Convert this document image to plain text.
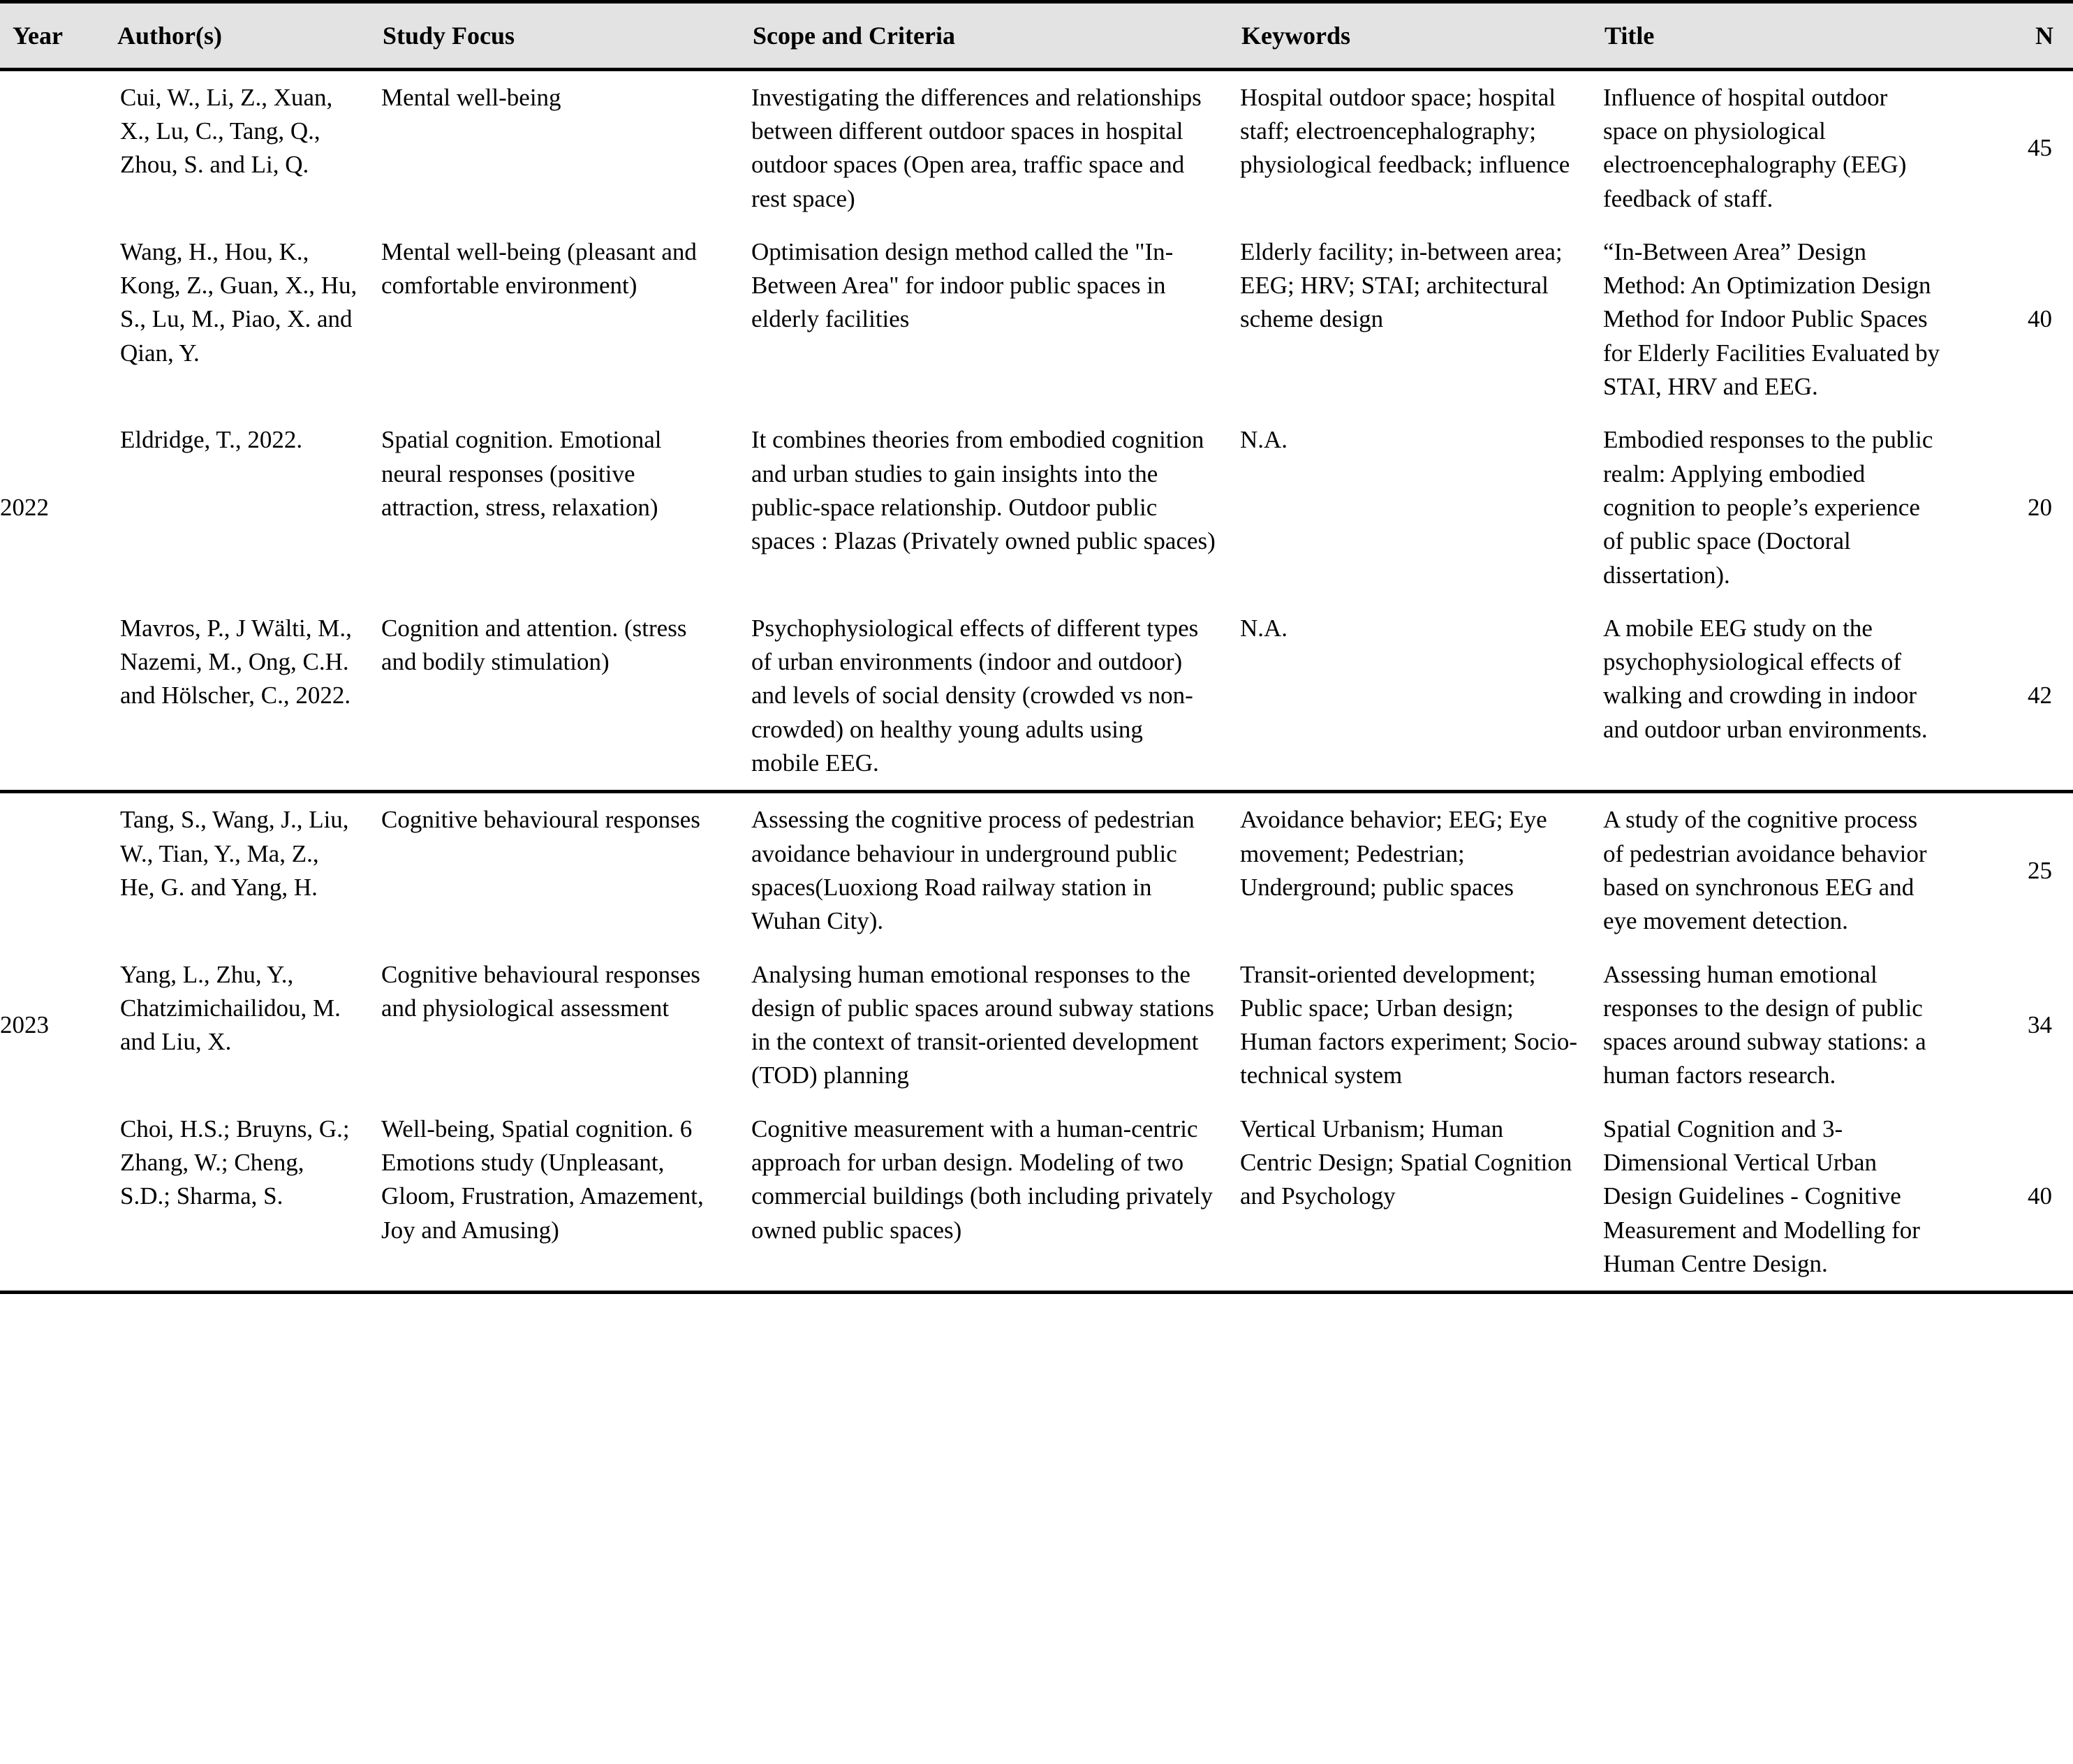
Year	Author(s)	Study Focus	Scope and Criteria	Keywords	Title	N
	Cui, W., Li, Z., Xuan, X., Lu, C., Tang, Q., Zhou, S. and Li, Q.	Mental well-being	Investigating the differences and relationships between different outdoor spaces in hospital outdoor spaces (Open area, traffic space and rest space)	Hospital outdoor space; hospital staff; electroencephalography; physiological feedback; influence	Influence of hospital outdoor space on physiological electroencephalography (EEG) feedback of staff.	45
	Wang, H., Hou, K., Kong, Z., Guan, X., Hu, S., Lu, M., Piao, X. and Qian, Y.	Mental well-being (pleasant and comfortable environment)	Optimisation design method called the "In-Between Area" for indoor public spaces in elderly facilities	Elderly facility; in-between area; EEG; HRV; STAI; architectural scheme design	“In-Between Area” Design Method: An Optimization Design Method for Indoor Public Spaces for Elderly Facilities Evaluated by STAI, HRV and EEG.	40
2022	Eldridge, T., 2022.	Spatial cognition. Emotional neural responses (positive attraction, stress, relaxation)	It combines theories from embodied cognition and urban studies to gain insights into the public-space relationship. Outdoor public spaces : Plazas (Privately owned public spaces)	N.A.	Embodied responses to the public realm: Applying embodied cognition to people’s experience of public space (Doctoral dissertation).	20
	Mavros, P., J Wälti, M., Nazemi, M., Ong, C.H. and Hölscher, C., 2022.	Cognition and attention. (stress and bodily stimulation)	Psychophysiological effects of different types of urban environments (indoor and outdoor) and levels of social density (crowded vs non-crowded) on healthy young adults using mobile EEG.	N.A.	A mobile EEG study on the psychophysiological effects of walking and crowding in indoor and outdoor urban environments.	42
	Tang, S., Wang, J., Liu, W., Tian, Y., Ma, Z., He, G. and Yang, H.	Cognitive behavioural responses	Assessing the cognitive process of pedestrian avoidance behaviour in underground public spaces(Luoxiong Road railway station in Wuhan City).	Avoidance behavior; EEG; Eye movement; Pedestrian; Underground; public spaces	A study of the cognitive process of pedestrian avoidance behavior based on synchronous EEG and eye movement detection.	25
2023	Yang, L., Zhu, Y., Chatzimichailidou, M. and Liu, X.	Cognitive behavioural responses and physiological assessment	Analysing human emotional responses to the design of public spaces around subway stations in the context of transit-oriented development (TOD) planning	Transit-oriented development; Public space; Urban design; Human factors experiment; Socio-technical system	Assessing human emotional responses to the design of public spaces around subway stations: a human factors research.	34
	Choi, H.S.; Bruyns, G.; Zhang, W.; Cheng, S.D.; Sharma, S.	Well-being, Spatial cognition. 6 Emotions study (Unpleasant, Gloom, Frustration, Amazement, Joy and Amusing)	Cognitive measurement with a human-centric approach for urban design. Modeling of two commercial buildings (both including privately owned public spaces)	Vertical Urbanism; Human Centric Design; Spatial Cognition and Psychology	Spatial Cognition and 3-Dimensional Vertical Urban Design Guidelines - Cognitive Measurement and Modelling for Human Centre Design.	40
